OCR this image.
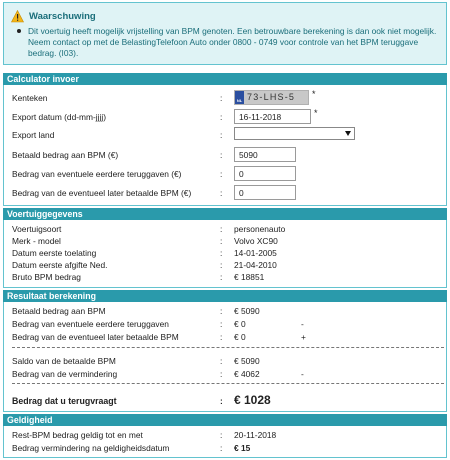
Waarschuwing
Dit voertuig heeft mogelijk vrijstelling van BPM genoten. Een betrouwbare berekening is dan ook niet mogelijk. Neem contact op met de BelastingTelefoon Auto onder 0800 - 0749 voor controle van het BPM teruggave bedrag. (I03).
Calculator invoer
Kenteken	:	NL 73-LHS-5 *
Export datum (dd-mm-jjjj)	:	16-11-2018	*
Export land	:
Betaald bedrag aan BPM (€)	:	5090
Bedrag van eventuele eerdere teruggaven (€)	:	0
Bedrag van de eventueel later betaalde BPM (€)	:	0
Voertuiggegevens
Voertuigsoort	: personenauto
Merk - model	: Volvo XC90
Datum eerste toelating	: 14-01-2005
Datum eerste afgifte Ned.	: 21-04-2010
Bruto BPM bedrag	: € 18851
Resultaat berekening
Betaald bedrag aan BPM	: € 5090
Bedrag van eventuele eerdere teruggaven	: € 0	-
Bedrag van de eventueel later betaalde BPM	: € 0	+
Saldo van de betaalde BPM	: € 5090
Bedrag van de vermindering	: € 4062	-
Bedrag dat u terugvraagt	: € 1028
Geldigheid
Rest-BPM bedrag geldig tot en met	: 20-11-2018
Bedrag vermindering na geldigheidsdatum	: € 15
